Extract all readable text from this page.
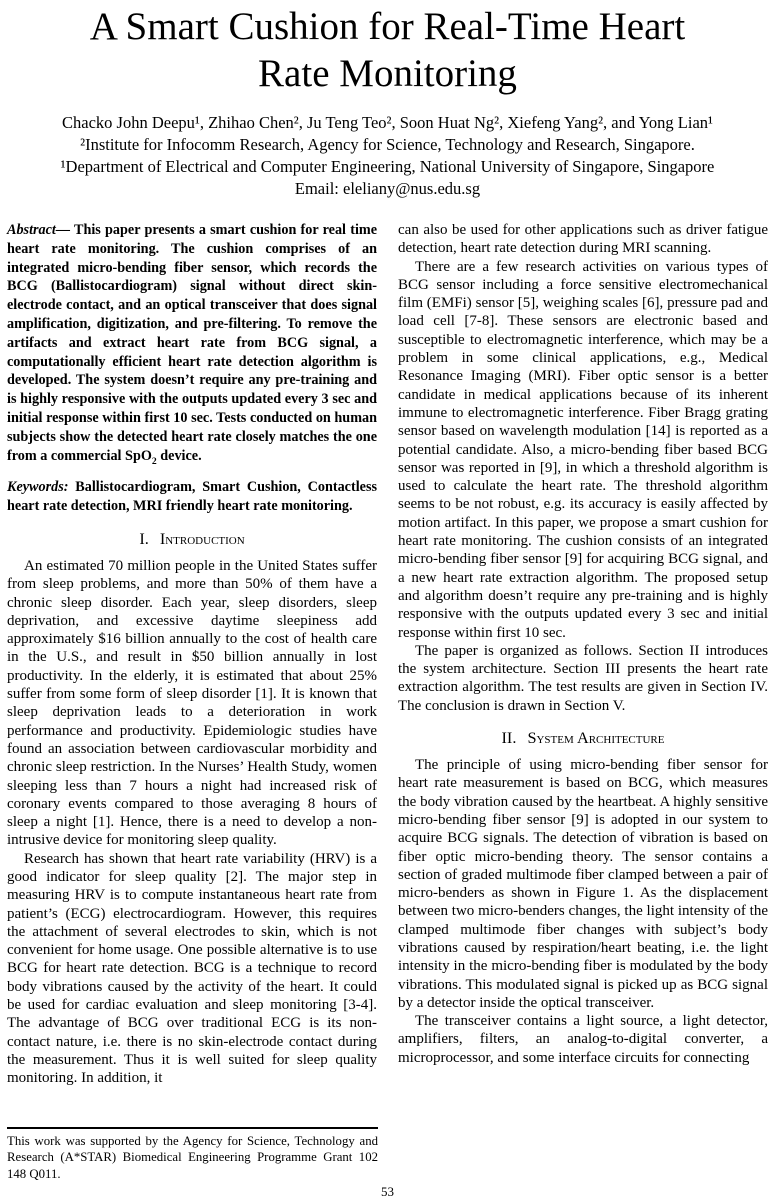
A Smart Cushion for Real-Time Heart
Rate Monitoring
Chacko John Deepu¹, Zhihao Chen², Ju Teng Teo², Soon Huat Ng², Xiefeng Yang², and Yong Lian¹
²Institute for Infocomm Research, Agency for Science, Technology and Research, Singapore.
¹Department of Electrical and Computer Engineering, National University of Singapore, Singapore
Email: eleliany@nus.edu.sg

Abstract— This paper presents a smart cushion for real time heart rate monitoring. The cushion comprises of an integrated micro-bending fiber sensor, which records the BCG (Ballistocardiogram) signal without direct skin-electrode contact, and an optical transceiver that does signal amplification, digitization, and pre-filtering. To remove the artifacts and extract heart rate from BCG signal, a computationally efficient heart rate detection algorithm is developed. The system doesn’t require any pre-training and is highly responsive with the outputs updated every 3 sec and initial response within first 10 sec. Tests conducted on human subjects show the detected heart rate closely matches the one from a commercial SpO$_2$ device.

Keywords: Ballistocardiogram, Smart Cushion, Contactless heart rate detection, MRI friendly heart rate monitoring.

I. Introduction

An estimated 70 million people in the United States suffer from sleep problems, and more than 50% of them have a chronic sleep disorder. Each year, sleep disorders, sleep deprivation, and excessive daytime sleepiness add approximately $16 billion annually to the cost of health care in the U.S., and result in $50 billion annually in lost productivity. In the elderly, it is estimated that about 25% suffer from some form of sleep disorder [1]. It is known that sleep deprivation leads to a deterioration in work performance and productivity. Epidemiologic studies have found an association between cardiovascular morbidity and chronic sleep restriction. In the Nurses’ Health Study, women sleeping less than 7 hours a night had increased risk of coronary events compared to those averaging 8 hours of sleep a night [1]. Hence, there is a need to develop a non-intrusive device for monitoring sleep quality.

Research has shown that heart rate variability (HRV) is a good indicator for sleep quality [2]. The major step in measuring HRV is to compute instantaneous heart rate from patient’s (ECG) electrocardiogram. However, this requires the attachment of several electrodes to skin, which is not convenient for home usage. One possible alternative is to use BCG for heart rate detection. BCG is a technique to record body vibrations caused by the activity of the heart. It could be used for cardiac evaluation and sleep monitoring [3-4]. The advantage of BCG over traditional ECG is its non-contact nature, i.e. there is no skin-electrode contact during the measurement. Thus it is well suited for sleep quality monitoring. In addition, it

can also be used for other applications such as driver fatigue detection, heart rate detection during MRI scanning.

There are a few research activities on various types of BCG sensor including a force sensitive electromechanical film (EMFi) sensor [5], weighing scales [6], pressure pad and load cell [7-8]. These sensors are electronic based and susceptible to electromagnetic interference, which may be a problem in some clinical applications, e.g., Medical Resonance Imaging (MRI). Fiber optic sensor is a better candidate in medical applications because of its inherent immune to electromagnetic interference. Fiber Bragg grating sensor based on wavelength modulation [14] is reported as a potential candidate. Also, a micro-bending fiber based BCG sensor was reported in [9], in which a threshold algorithm is used to calculate the heart rate. The threshold algorithm seems to be not robust, e.g. its accuracy is easily affected by motion artifact. In this paper, we propose a smart cushion for heart rate monitoring. The cushion consists of an integrated micro-bending fiber sensor [9] for acquiring BCG signal, and a new heart rate extraction algorithm. The proposed setup and algorithm doesn’t require any pre-training and is highly responsive with the outputs updated every 3 sec and initial response within first 10 sec.

The paper is organized as follows. Section II introduces the system architecture. Section III presents the heart rate extraction algorithm. The test results are given in Section IV. The conclusion is drawn in Section V.

II. System Architecture

The principle of using micro-bending fiber sensor for heart rate measurement is based on BCG, which measures the body vibration caused by the heartbeat. A highly sensitive micro-bending fiber sensor [9] is adopted in our system to acquire BCG signals. The detection of vibration is based on fiber optic micro-bending theory. The sensor contains a section of graded multimode fiber clamped between a pair of micro-benders as shown in Figure 1. As the displacement between two micro-benders changes, the light intensity of the clamped multimode fiber changes with subject’s body vibrations caused by respiration/heart beating, i.e. the light intensity in the micro-bending fiber is modulated by the body vibrations. This modulated signal is picked up as BCG signal by a detector inside the optical transceiver.

The transceiver contains a light source, a light detector, amplifiers, filters, an analog-to-digital converter, a microprocessor, and some interface circuits for connecting

This work was supported by the Agency for Science, Technology and Research (A*STAR) Biomedical Engineering Programme Grant 102 148 Q011.

53
